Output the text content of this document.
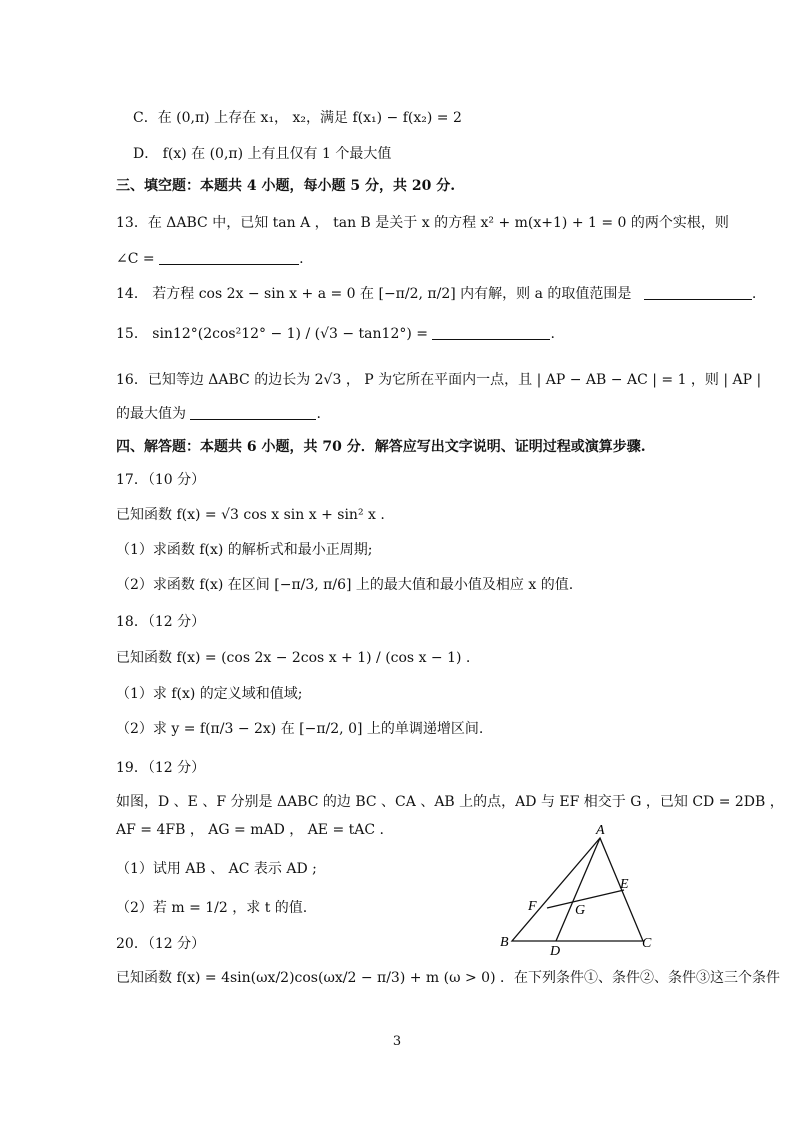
C．在 (0,π) 上存在 x₁， x₂，满足 f(x₁) − f(x₂) = 2
D． f(x) 在 (0,π) 上有且仅有 1 个最大值
三、填空题：本题共 4 小题，每小题 5 分，共 20 分.
13．在 ΔABC 中，已知 tan A ， tan B 是关于 x 的方程 x² + m(x+1) + 1 = 0 的两个实根，则
∠C =	.
14． 若方程 cos 2x − sin x + a = 0 在 [−π/2, π/2] 内有解，则 a 的取值范围是	.
15． sin12°(2cos²12° − 1) / (√3 − tan12°) =	.
16．已知等边 ΔABC 的边长为 2√3 ， P 为它所在平面内一点，且 | AP − AB − AC | = 1 ，则 | AP |
的最大值为	.
四、解答题：本题共 6 小题，共 70 分．解答应写出文字说明、证明过程或演算步骤.
17．（10 分）
已知函数 f(x) = √3 cos x sin x + sin² x .
（1）求函数 f(x) 的解析式和最小正周期;
（2）求函数 f(x) 在区间 [−π/3, π/6] 上的最大值和最小值及相应 x 的值.
18．（12 分）
已知函数 f(x) = (cos 2x − 2cos x + 1) / (cos x − 1) .
（1）求 f(x) 的定义域和值域;
（2）求 y = f(π/3 − 2x) 在 [−π/2, 0] 上的单调递增区间.
19．（12 分）
如图，D 、E 、F 分别是 ΔABC 的边 BC 、CA 、AB 上的点，AD 与 EF 相交于 G ，已知 CD = 2DB ，
AF = 4FB ， AG = mAD ， AE = tAC .
（1）试用 AB 、 AC 表示 AD ;
（2）若 m = 1/2 ，求 t 的值.
A
B	C
D
E
F	G
20．（12 分）
已知函数 f(x) = 4sin(ωx/2)cos(ωx/2 − π/3) + m (ω > 0) ．在下列条件①、条件②、条件③这三个条件
3
